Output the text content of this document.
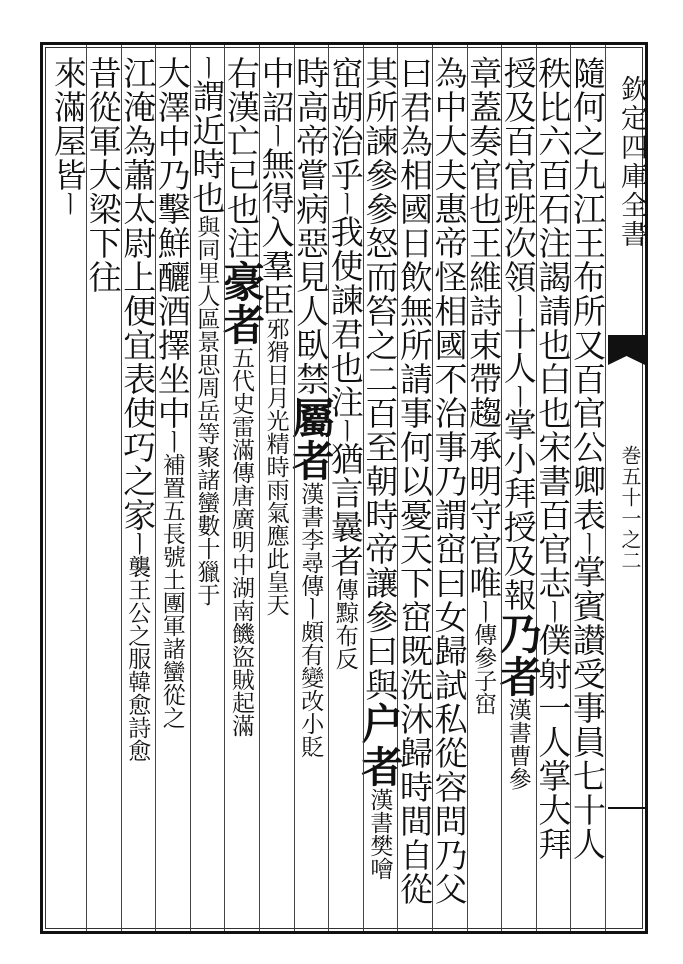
欽定四庫全書
巻五十一之二
隨何之九江王布所又百官公卿表ㅣ掌賓讃受事員七十人
秩比六百石注謁請也白也宋書百官志ㅣ僕射一人掌大拜
授及百官班次領ㅣ十人ㅣ掌小拜授及報乃者漢書曹參
章蓋奏官也王維詩束帶趨承明守官唯ㅣ傳參子窋
為中大夫惠帝怪相國不治事乃謂窋曰女歸試私從容問乃父
曰君為相國日飲無所請事何以憂天下窋既洗沐歸時間自從
其所諫參參怒而笞之二百至朝時帝讓參曰與户者漢書樊噲
窋胡治乎ㅣ我使諫君也注ㅣ猶言曩者傳黥布反
時高帝嘗病惡見人臥禁屬者漢書李尋傳ㅣ頗有變改小貶
中詔ㅣ無得入羣臣邪猾日月光精時雨氣應此皇天
右漢亡已也注豪者五代史雷滿傳唐廣明中湖南饑盜賊起滿
ㅣ謂近時也與同里人區景思周岳等聚諸蠻數十獵于
大澤中乃擊鮮釃酒擇坐中ㅣ補置五長號土團軍諸蠻從之
江淹為蕭太尉上便宜表使巧之家ㅣ襲王公之服韓愈詩愈
昔從軍大梁下往
來滿屋皆ㅣ
